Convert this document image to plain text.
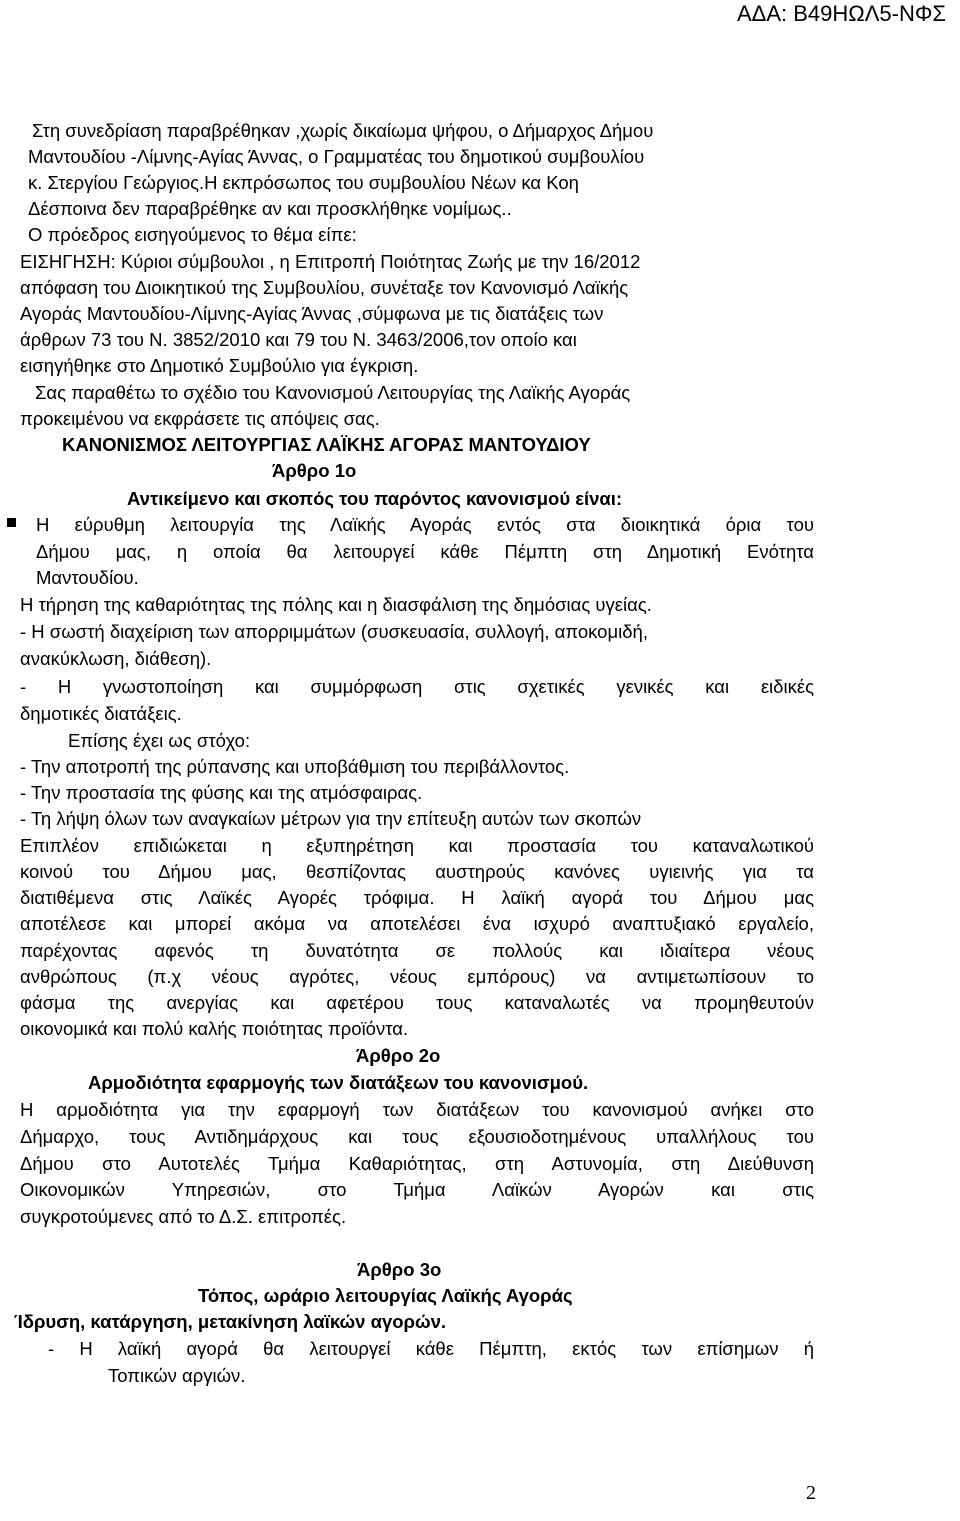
ΑΔΑ: Β49ΗΩΛ5-ΝΦΣ
Στη συνεδρίαση παραβρέθηκαν ,χωρίς δικαίωμα ψήφου, ο Δήμαρχος Δήμου
Μαντουδίου -Λίμνης-Αγίας Άννας, ο Γραμματέας του δημοτικού συμβουλίου
κ. Στεργίου Γεώργιος.Η εκπρόσωπος του συμβουλίου Νέων κα Κοη
Δέσποινα δεν παραβρέθηκε αν και προσκλήθηκε νομίμως..
Ο πρόεδρος εισηγούμενος το θέμα είπε:
ΕΙΣΗΓΗΣΗ: Κύριοι σύμβουλοι , η Επιτροπή Ποιότητας Ζωής με την 16/2012
απόφαση του Διοικητικού της Συμβουλίου, συνέταξε τον Κανονισμό Λαϊκής
Αγοράς Μαντουδίου-Λίμνης-Αγίας Άννας ,σύμφωνα με τις διατάξεις των
άρθρων 73 του Ν. 3852/2010 και 79 του Ν. 3463/2006,τον οποίο και
εισηγήθηκε στο Δημοτικό Συμβούλιο για έγκριση.
Σας παραθέτω το σχέδιο του Κανονισμού Λειτουργίας της Λαϊκής Αγοράς
προκειμένου να εκφράσετε τις απόψεις σας.
ΚΑΝΟΝΙΣΜΟΣ ΛΕΙΤΟΥΡΓΙΑΣ ΛΑΪΚΗΣ ΑΓΟΡΑΣ ΜΑΝΤΟΥΔΙΟΥ
Άρθρο 1ο
Αντικείμενο και σκοπός του παρόντος κανονισμού είναι:
Η εύρυθμη λειτουργία της Λαϊκής Αγοράς εντός στα διοικητικά όρια του
Δήμου μας, η οποία θα λειτουργεί κάθε Πέμπτη στη Δημοτική Ενότητα
Μαντουδίου.
Η τήρηση της καθαριότητας της πόλης και η διασφάλιση της δημόσιας υγείας.
- Η σωστή διαχείριση των απορριμμάτων (συσκευασία, συλλογή, αποκομιδή,
ανακύκλωση, διάθεση).
- Η γνωστοποίηση και συμμόρφωση στις σχετικές γενικές και ειδικές
δημοτικές διατάξεις.
Επίσης έχει ως στόχο:
- Την αποτροπή της ρύπανσης και υποβάθμιση του περιβάλλοντος.
- Την προστασία της φύσης και της ατμόσφαιρας.
- Τη λήψη όλων των αναγκαίων μέτρων για την επίτευξη αυτών των σκοπών
Επιπλέον επιδιώκεται η εξυπηρέτηση και προστασία του καταναλωτικού
κοινού του Δήμου μας, θεσπίζοντας αυστηρούς κανόνες υγιεινής για τα
διατιθέμενα στις Λαϊκές Αγορές τρόφιμα. Η λαϊκή αγορά του Δήμου μας
αποτέλεσε και μπορεί ακόμα να αποτελέσει ένα ισχυρό αναπτυξιακό εργαλείο,
παρέχοντας αφενός τη δυνατότητα σε πολλούς και ιδιαίτερα νέους
ανθρώπους (π.χ νέους αγρότες, νέους εμπόρους) να αντιμετωπίσουν το
φάσμα της ανεργίας και αφετέρου τους καταναλωτές να προμηθευτούν
οικονομικά και πολύ καλής ποιότητας προϊόντα.
Άρθρο 2ο
Αρμοδιότητα εφαρμογής των διατάξεων του κανονισμού.
Η αρμοδιότητα για την εφαρμογή των διατάξεων του κανονισμού ανήκει στο
Δήμαρχο, τους Αντιδημάρχους και τους εξουσιοδοτημένους υπαλλήλους του
Δήμου στο Αυτοτελές Τμήμα Καθαριότητας, στη Αστυνομία, στη Διεύθυνση
Οικονομικών Υπηρεσιών, στο Τμήμα Λαϊκών Αγορών και στις
συγκροτούμενες από το Δ.Σ. επιτροπές.
Άρθρο 3ο
Τόπος, ωράριο λειτουργίας Λαϊκής Αγοράς
Ίδρυση, κατάργηση, μετακίνηση λαϊκών αγορών.
- Η λαϊκή αγορά θα λειτουργεί κάθε Πέμπτη, εκτός των επίσημων ή
Τοπικών αργιών.
2
